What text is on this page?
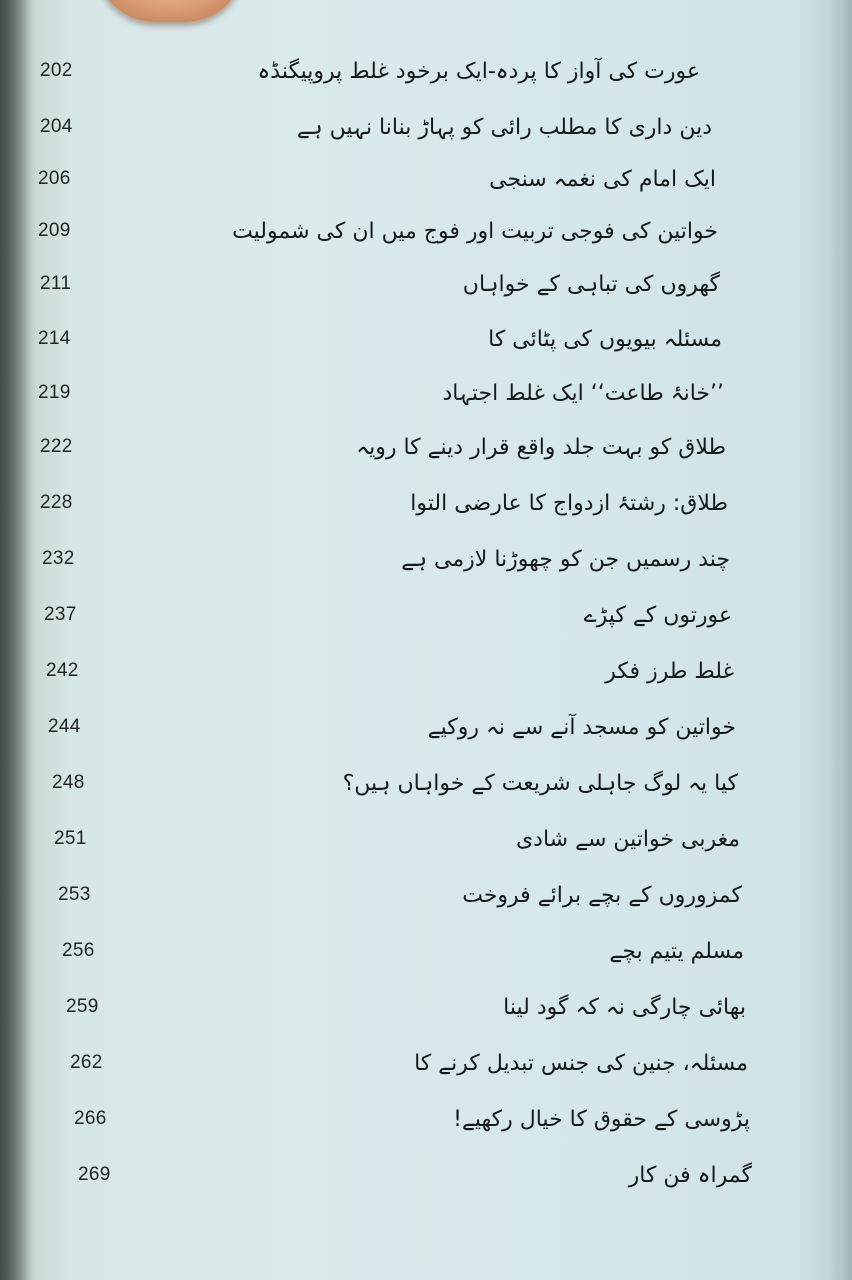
202	عورت کی آواز کا پردہ-ایک برخود غلط پروپیگنڈہ
204	دین داری کا مطلب رائی کو پہاڑ بنانا نہیں ہے
206	ایک امام کی نغمہ سنجی
209	خواتین کی فوجی تربیت اور فوج میں ان کی شمولیت
211	گھروں کی تباہی کے خواہاں
214	مسئلہ بیویوں کی پٹائی کا
219	’’خانۂ طاعت‘‘ ایک غلط اجتہاد
222	طلاق کو بہت جلد واقع قرار دینے کا رویہ
228	طلاق: رشتۂ ازدواج کا عارضی التوا
232	چند رسمیں جن کو چھوڑنا لازمی ہے
237	عورتوں کے کپڑے
242	غلط طرز فکر
244	خواتین کو مسجد آنے سے نہ روکیے
248	کیا یہ لوگ جاہلی شریعت کے خواہاں ہیں؟
251	مغربی خواتین سے شادی
253	کمزوروں کے بچے برائے فروخت
256	مسلم یتیم بچے
259	بھائی چارگی نہ کہ گود لینا
262	مسئلہ، جنین کی جنس تبدیل کرنے کا
266	پڑوسی کے حقوق کا خیال رکھیے!
269	گمراہ فن کار
